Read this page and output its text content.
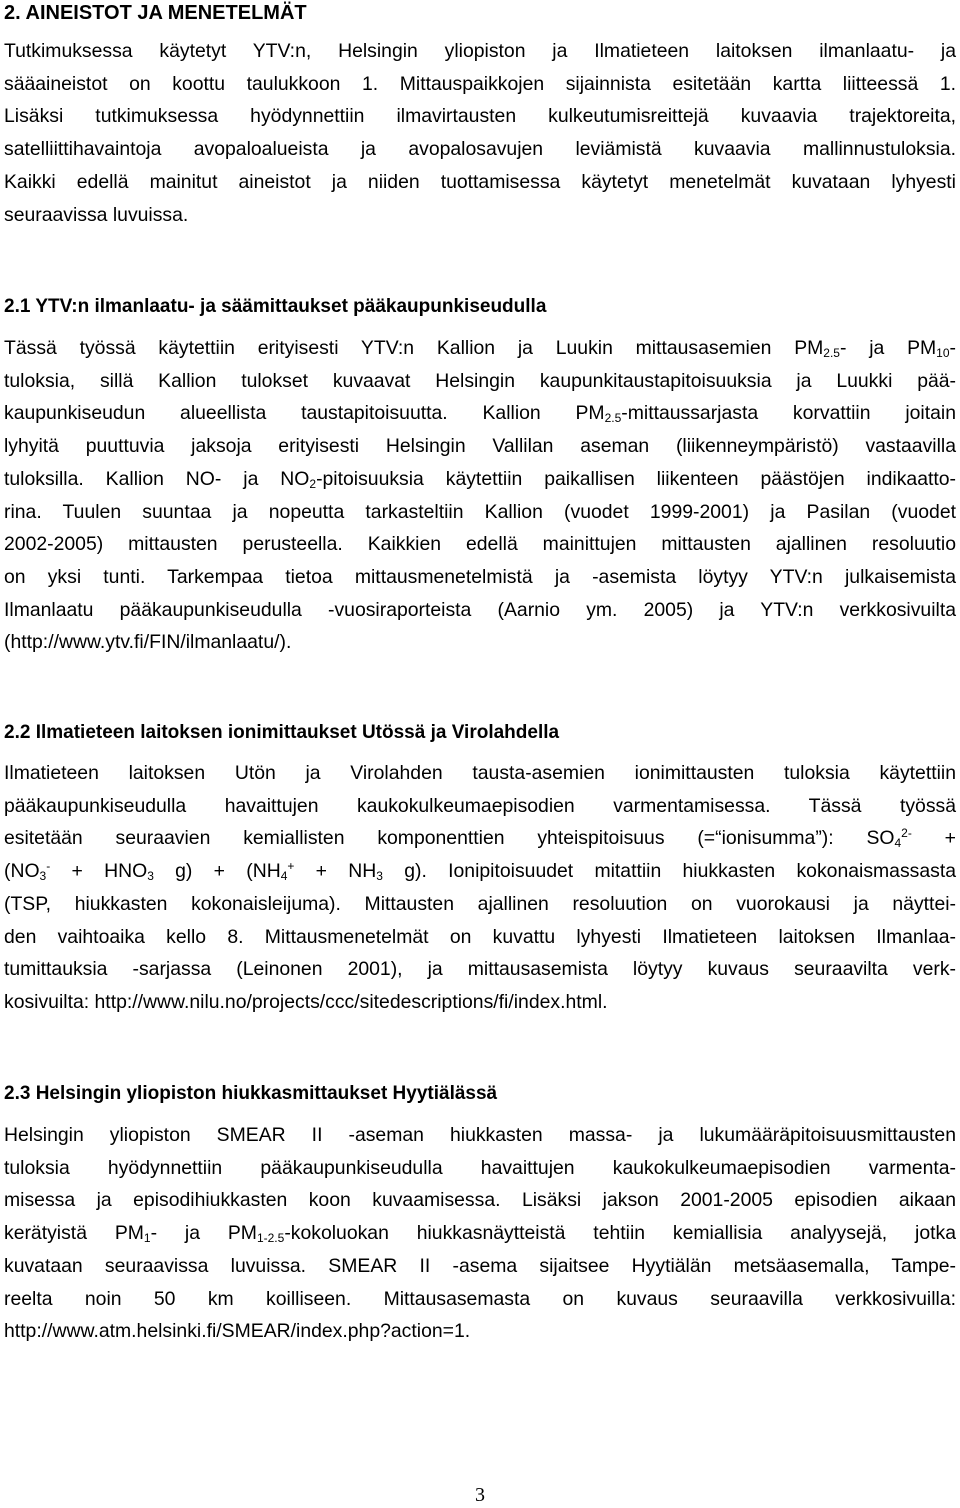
2. AINEISTOT JA MENETELMÄT

Tutkimuksessa käytetyt YTV:n, Helsingin yliopiston ja Ilmatieteen laitoksen ilmanlaatu- ja
sääaineistot on koottu taulukkoon 1. Mittauspaikkojen sijainnista esitetään kartta liitteessä 1.
Lisäksi tutkimuksessa hyödynnettiin ilmavirtausten kulkeutumisreittejä kuvaavia trajektoreita,
satelliittihavaintoja avopaloalueista ja avopalosavujen leviämistä kuvaavia mallinnustuloksia.
Kaikki edellä mainitut aineistot ja niiden tuottamisessa käytetyt menetelmät kuvataan lyhyesti
seuraavissa luvuissa.

2.1 YTV:n ilmanlaatu- ja säämittaukset pääkaupunkiseudulla

Tässä työssä käytettiin erityisesti YTV:n Kallion ja Luukin mittausasemien $PM_{2.5}-$ ja $PM_{10}-$
tuloksia, sillä Kallion tulokset kuvaavat Helsingin kaupunkitaustapitoisuuksia ja Luukki pää-
kaupunkiseudun alueellista taustapitoisuutta. Kallion $PM_{2.5}$-mittaussarjasta korvattiin joitain
lyhyitä puuttuvia jaksoja erityisesti Helsingin Vallilan aseman (liikenneympäristö) vastaavilla
tuloksilla. Kallion NO- ja $NO_2$-pitoisuuksia käytettiin paikallisen liikenteen päästöjen indikaatto-
rina. Tuulen suuntaa ja nopeutta tarkasteltiin Kallion (vuodet 1999-2001) ja Pasilan (vuodet
2002-2005) mittausten perusteella. Kaikkien edellä mainittujen mittausten ajallinen resoluutio
on yksi tunti. Tarkempaa tietoa mittausmenetelmistä ja -asemista löytyy YTV:n julkaisemista
Ilmanlaatu pääkaupunkiseudulla -vuosiraporteista (Aarnio ym. 2005) ja YTV:n verkkosivuilta
(http://www.ytv.fi/FIN/ilmanlaatu/).

2.2 Ilmatieteen laitoksen ionimittaukset Utössä ja Virolahdella

Ilmatieteen laitoksen Utön ja Virolahden tausta-asemien ionimittausten tuloksia käytettiin
pääkaupunkiseudulla havaittujen kaukokulkeumaepisodien varmentamisessa. Tässä työssä
esitetään seuraavien kemiallisten komponenttien yhteispitoisuus (=“ionisumma”): $SO_4^{2-}$ +
($NO_3^- + HNO_3$ $g) + (NH_4^+ + NH_3$ g). Ionipitoisuudet mitattiin hiukkasten kokonaismassasta
(TSP, hiukkasten kokonaisleijuma). Mittausten ajallinen resoluution on vuorokausi ja näyttei-
den vaihtoaika kello 8. Mittausmenetelmät on kuvattu lyhyesti Ilmatieteen laitoksen Ilmanlaa-
tumittauksia -sarjassa (Leinonen 2001), ja mittausasemista löytyy kuvaus seuraavilta verk-
kosivuilta: http://www.nilu.no/projects/ccc/sitedescriptions/fi/index.html.

2.3 Helsingin yliopiston hiukkasmittaukset Hyytiälässä

Helsingin yliopiston SMEAR II -aseman hiukkasten massa- ja lukumääräpitoisuusmittausten
tuloksia hyödynnettiin pääkaupunkiseudulla havaittujen kaukokulkeumaepisodien varmenta-
misessa ja episodihiukkasten koon kuvaamisessa. Lisäksi jakson 2001-2005 episodien aikaan
kerätyistä $PM_1-$ ja $PM_{1-2.5}$-kokoluokan hiukkasnäytteistä tehtiin kemiallisia analyysejä, jotka
kuvataan seuraavissa luvuissa. SMEAR II -asema sijaitsee Hyytiälän metsäasemalla, Tampe-
reelta noin 50 km koilliseen. Mittausasemasta on kuvaus seuraavilla verkkosivuilla:
http://www.atm.helsinki.fi/SMEAR/index.php?action=1.

3
